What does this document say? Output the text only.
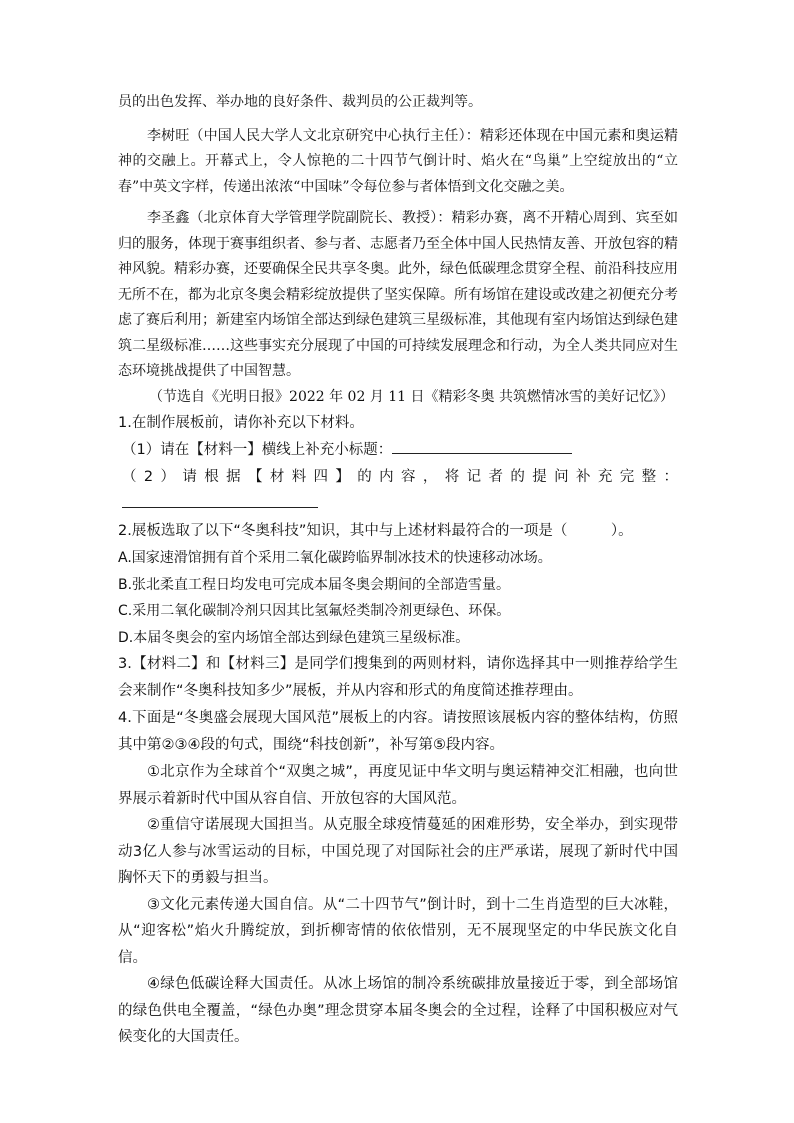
员的出色发挥、举办地的良好条件、裁判员的公正裁判等。

李树旺（中国人民大学人文北京研究中心执行主任）：精彩还体现在中国元素和奥运精神的交融上。开幕式上，令人惊艳的二十四节气倒计时、焰火在“鸟巢”上空绽放出的“立春”中英文字样，传递出浓浓“中国味”令每位参与者体悟到文化交融之美。

李圣鑫（北京体育大学管理学院副院长、教授）：精彩办赛，离不开精心周到、宾至如归的服务，体现于赛事组织者、参与者、志愿者乃至全体中国人民热情友善、开放包容的精神风貌。精彩办赛，还要确保全民共享冬奥。此外，绿色低碳理念贯穿全程、前沿科技应用无所不在，都为北京冬奥会精彩绽放提供了坚实保障。所有场馆在建设或改建之初便充分考虑了赛后利用；新建室内场馆全部达到绿色建筑三星级标准，其他现有室内场馆达到绿色建筑二星级标准……这些事实充分展现了中国的可持续发展理念和行动，为全人类共同应对生态环境挑战提供了中国智慧。

（节选自《光明日报》2022 年 02 月 11 日《精彩冬奥 共筑燃情冰雪的美好记忆》）

1.在制作展板前，请你补充以下材料。

（1）请在【材料一】横线上补充小标题：

（2）请根据【材料四】的内容，将记者的提问补充完整：

2.展板选取了以下“冬奥科技”知识，其中与上述材料最符合的一项是（　　　）。

A.国家速滑馆拥有首个采用二氧化碳跨临界制冰技术的快速移动冰场。

B.张北柔直工程日均发电可完成本届冬奥会期间的全部造雪量。

C.采用二氧化碳制冷剂只因其比氢氟烃类制冷剂更绿色、环保。

D.本届冬奥会的室内场馆全部达到绿色建筑三星级标准。

3.【材料二】和【材料三】是同学们搜集到的两则材料，请你选择其中一则推荐给学生会来制作“冬奥科技知多少”展板，并从内容和形式的角度简述推荐理由。

4.下面是“冬奥盛会展现大国风范”展板上的内容。请按照该展板内容的整体结构，仿照其中第②③④段的句式，围绕“科技创新”，补写第⑤段内容。

①北京作为全球首个“双奥之城”，再度见证中华文明与奥运精神交汇相融，也向世界展示着新时代中国从容自信、开放包容的大国风范。

②重信守诺展现大国担当。从克服全球疫情蔓延的困难形势，安全举办，到实现带动3亿人参与冰雪运动的目标，中国兑现了对国际社会的庄严承诺，展现了新时代中国胸怀天下的勇毅与担当。

③文化元素传递大国自信。从“二十四节气”倒计时，到十二生肖造型的巨大冰鞋，从“迎客松”焰火升腾绽放，到折柳寄情的依依惜别，无不展现坚定的中华民族文化自信。

④绿色低碳诠释大国责任。从冰上场馆的制冷系统碳排放量接近于零，到全部场馆的绿色供电全覆盖，“绿色办奥”理念贯穿本届冬奥会的全过程，诠释了中国积极应对气候变化的大国责任。
